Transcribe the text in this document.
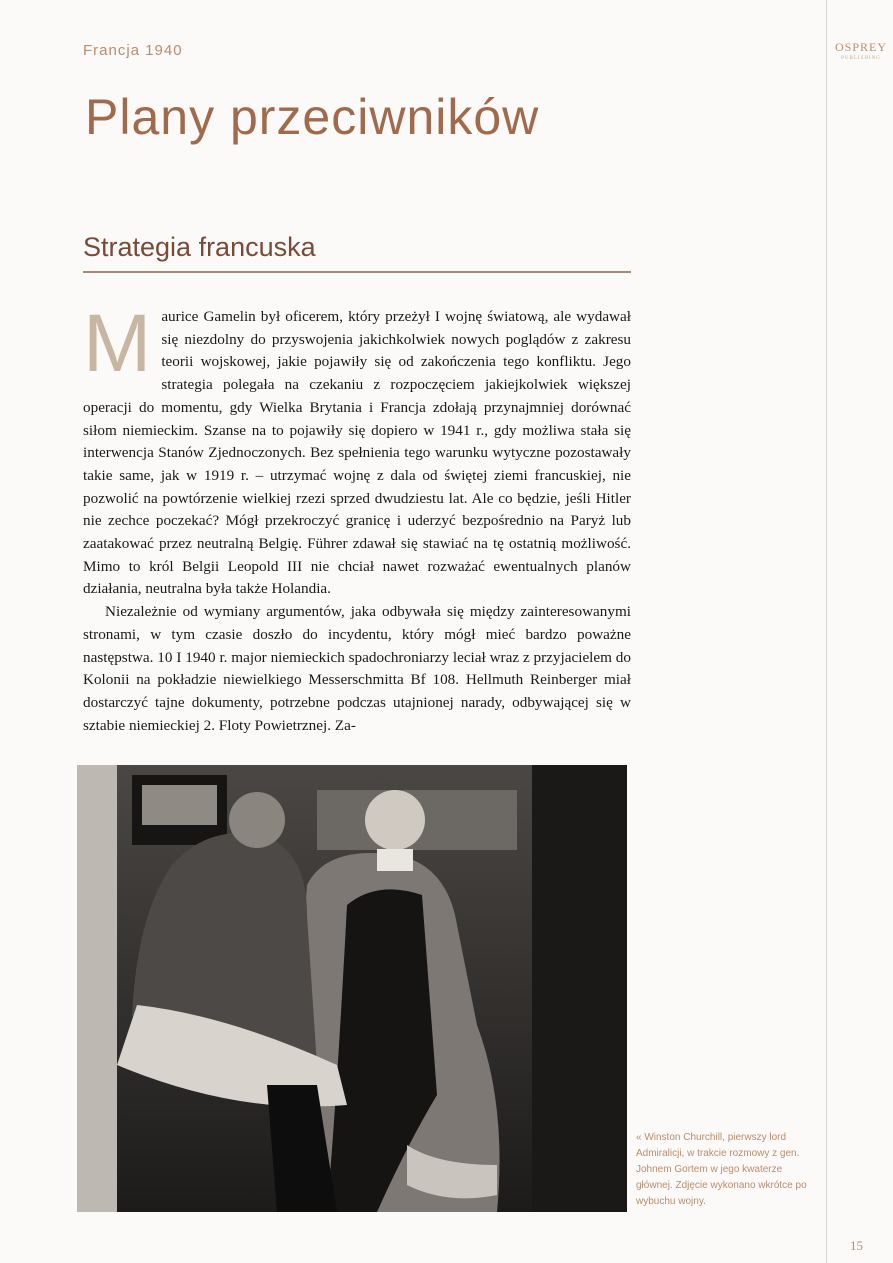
Francja 1940	OSPREY
PUBLISHING
Plany przeciwników
Strategia francuska

Maurice Gamelin był oficerem, który przeżył I wojnę światową, ale wydawał się niezdolny do przyswojenia jakichkolwiek nowych poglądów z zakresu teorii wojskowej, jakie pojawiły się od zakończenia tego konfliktu. Jego strategia polegała na czekaniu z rozpoczęciem jakiejkolwiek większej operacji do momentu, gdy Wielka Brytania i Francja zdołają przynajmniej dorównać siłom niemieckim. Szanse na to pojawiły się dopiero w 1941 r., gdy możliwa stała się interwencja Stanów Zjednoczonych. Bez spełnienia tego warunku wytyczne pozostawały takie same, jak w 1919 r. – utrzymać wojnę z dala od świętej ziemi francuskiej, nie pozwolić na powtórzenie wielkiej rzezi sprzed dwudziestu lat. Ale co będzie, jeśli Hitler nie zechce poczekać? Mógł przekroczyć granicę i uderzyć bezpośrednio na Paryż lub zaatakować przez neutralną Belgię. Führer zdawał się stawiać na tę ostatnią możliwość. Mimo to król Belgii Leopold III nie chciał nawet rozważać ewentualnych planów działania, neutralna była także Holandia.

Niezależnie od wymiany argumentów, jaka odbywała się między zainteresowanymi stronami, w tym czasie doszło do incydentu, który mógł mieć bardzo poważne następstwa. 10 I 1940 r. major niemieckich spadochroniarzy leciał wraz z przyjacielem do Kolonii na pokładzie niewielkiego Messerschmitta Bf 108. Hellmuth Reinberger miał dostarczyć tajne dokumenty, potrzebne podczas utajnionej narady, odbywającej się w sztabie niemieckiej 2. Floty Powietrznej. Za-

« Winston Churchill, pierwszy lord Admiralicji, w trakcie rozmowy z gen. Johnem Gortem w jego kwaterze głównej. Zdjęcie wykonano wkrótce po wybuchu wojny.
15
